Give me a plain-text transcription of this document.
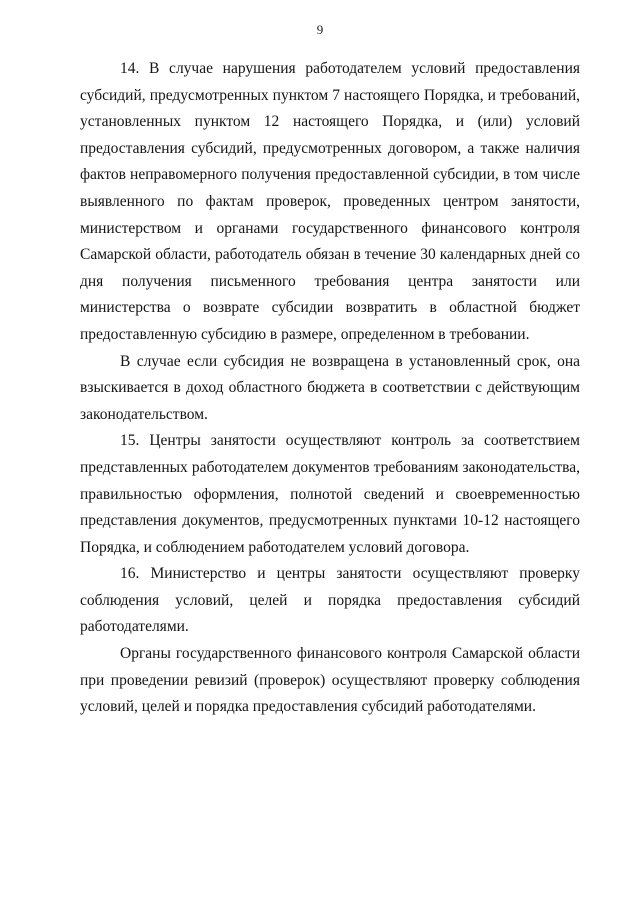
9

14. В случае нарушения работодателем условий предоставления субсидий, предусмотренных пунктом 7 настоящего Порядка, и требований, установленных пунктом 12 настоящего Порядка, и (или) условий предоставления субсидий, предусмотренных договором, а также наличия фактов неправомерного получения предоставленной субсидии, в том числе выявленного по фактам проверок, проведенных центром занятости, министерством и органами государственного финансового контроля Самарской области, работодатель обязан в течение 30 календарных дней со дня получения письменного требования центра занятости или министерства о возврате субсидии возвратить в областной бюджет предоставленную субсидию в размере, определенном в требовании.

В случае если субсидия не возвращена в установленный срок, она взыскивается в доход областного бюджета в соответствии с действующим законодательством.

15. Центры занятости осуществляют контроль за соответствием представленных работодателем документов требованиям законодательства, правильностью оформления, полнотой сведений и своевременностью представления документов, предусмотренных пунктами 10-12 настоящего Порядка, и соблюдением работодателем условий договора.

16. Министерство и центры занятости осуществляют проверку соблюдения условий, целей и порядка предоставления субсидий работодателями.

Органы государственного финансового контроля Самарской области при проведении ревизий (проверок) осуществляют проверку соблюдения условий, целей и порядка предоставления субсидий работодателями.
